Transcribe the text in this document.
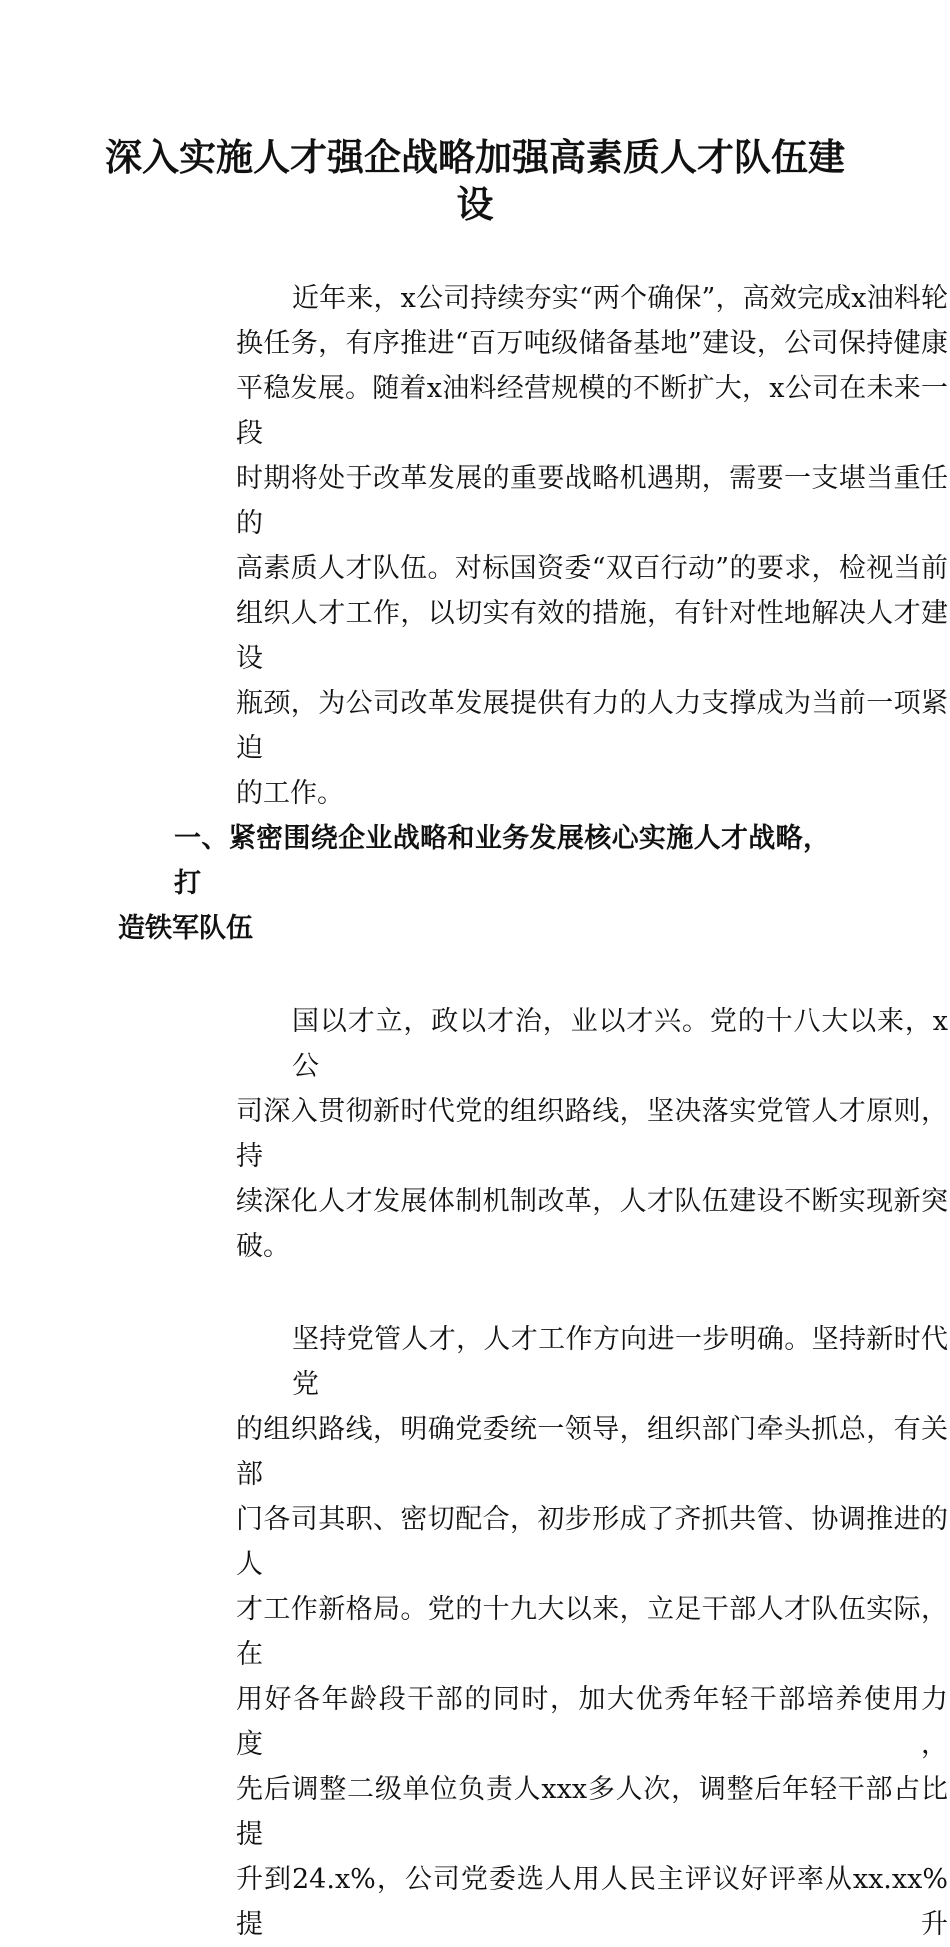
深入实施人才强企战略加强高素质人才队伍建
设
近年来，x公司持续夯实“两个确保”，高效完成x油料轮
换任务，有序推进“百万吨级储备基地”建设，公司保持健康
平稳发展。随着x油料经营规模的不断扩大，x公司在未来一段
时期将处于改革发展的重要战略机遇期，需要一支堪当重任的
高素质人才队伍。对标国资委“双百行动”的要求，检视当前
组织人才工作，以切实有效的措施，有针对性地解决人才建设
瓶颈，为公司改革发展提供有力的人力支撑成为当前一项紧迫
的工作。
一、紧密围绕企业战略和业务发展核心实施人才战略，打
造铁军队伍
国以才立，政以才治，业以才兴。党的十八大以来，x公
司深入贯彻新时代党的组织路线，坚决落实党管人才原则，持
续深化人才发展体制机制改革，人才队伍建设不断实现新突破。
坚持党管人才，人才工作方向进一步明确。坚持新时代党
的组织路线，明确党委统一领导，组织部门牵头抓总，有关部
门各司其职、密切配合，初步形成了齐抓共管、协调推进的人
才工作新格局。党的十九大以来，立足干部人才队伍实际，在
用好各年龄段干部的同时，加大优秀年轻干部培养使用力度，
先后调整二级单位负责人xxx多人次，调整后年轻干部占比提
升到24.x%，公司党委选人用人民主评议好评率从xx.xx%提升
